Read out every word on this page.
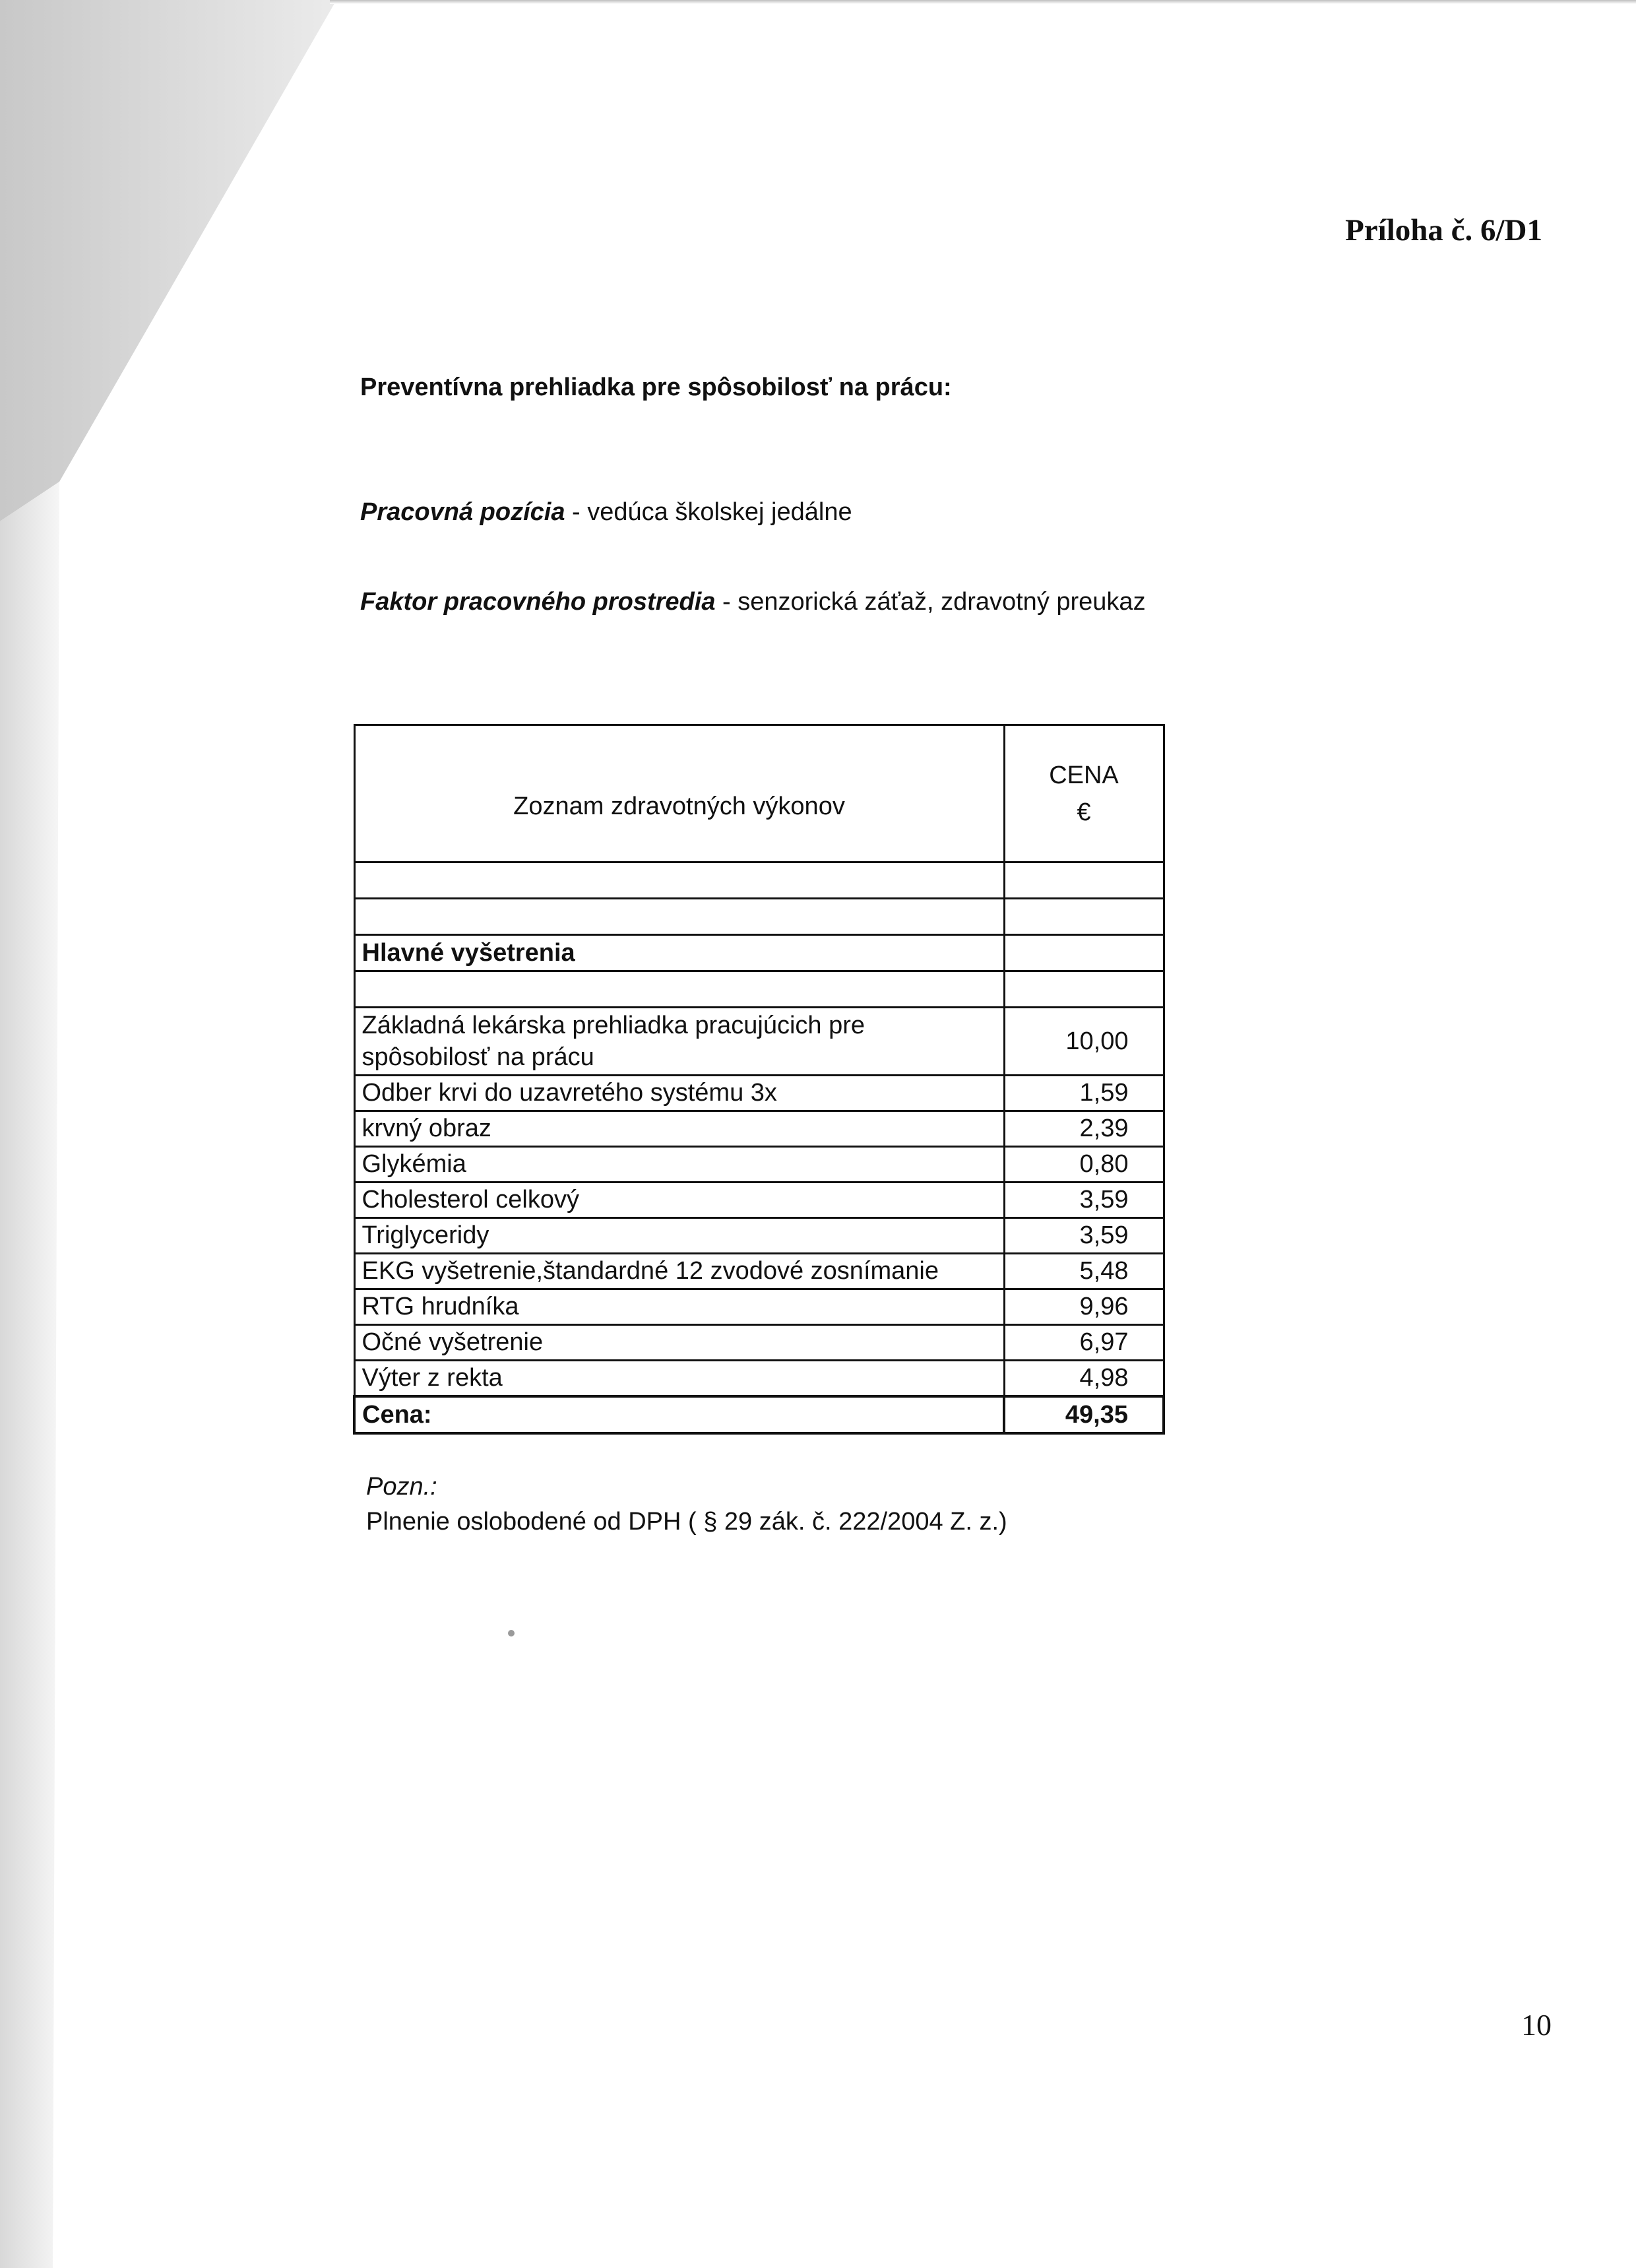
Príloha č. 6/D1

Preventívna prehliadka pre spôsobilosť na prácu:

Pracovná pozícia - vedúca školskej jedálne

Faktor pracovného prostredia - senzorická záťaž, zdravotný preukaz

Zoznam zdravotných výkonov	CENA
€

Hlavné vyšetrenia	

Základná lekárska prehliadka pracujúcich pre spôsobilosť na prácu	10,00
Odber krvi do uzavretého systému 3x	1,59
krvný obraz	2,39
Glykémia	0,80
Cholesterol celkový	3,59
Triglyceridy	3,59
EKG vyšetrenie,štandardné 12 zvodové zosnímanie	5,48
RTG hrudníka	9,96
Očné vyšetrenie	6,97
Výter z rekta	4,98
Cena:	49,35

Pozn.:

Plnenie oslobodené od DPH ( § 29 zák. č. 222/2004 Z. z.)

10
